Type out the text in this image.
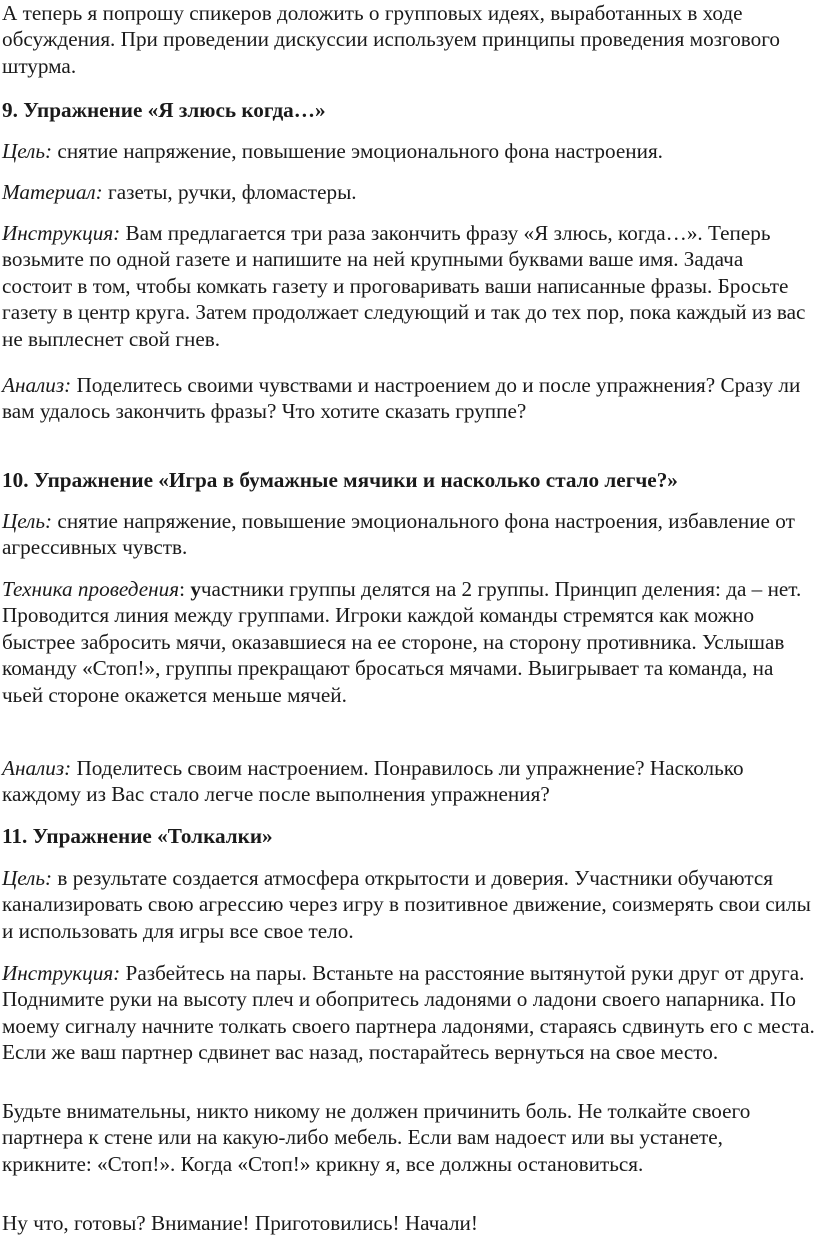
А теперь я попрошу спикеров доложить о групповых идеях, выработанных в ходе обсуждения. При проведении дискуссии используем принципы проведения мозгового штурма.

9. Упражнение «Я злюсь когда…»

Цель: снятие напряжение, повышение эмоционального фона настроения.

Материал: газеты, ручки, фломастеры.

Инструкция: Вам предлагается три раза закончить фразу «Я злюсь, когда…». Теперь возьмите по одной газете и напишите на ней крупными буквами ваше имя. Задача состоит в том, чтобы комкать газету и проговаривать ваши написанные фразы. Бросьте газету в центр круга. Затем продолжает следующий и так до тех пор, пока каждый из вас не выплеснет свой гнев.

Анализ: Поделитесь своими чувствами и настроением до и после упражнения? Сразу ли вам удалось закончить фразы? Что хотите сказать группе?

10. Упражнение «Игра в бумажные мячики и насколько стало легче?»

Цель: снятие напряжение, повышение эмоционального фона настроения, избавление от агрессивных чувств.

Техника проведения: участники группы делятся на 2 группы. Принцип деления: да – нет. Проводится линия между группами. Игроки каждой команды стремятся как можно быстрее забросить мячи, оказавшиеся на ее стороне, на сторону противника. Услышав команду «Стоп!», группы прекращают бросаться мячами. Выигрывает та команда, на чьей стороне окажется меньше мячей.

Анализ: Поделитесь своим настроением. Понравилось ли упражнение? Насколько каждому из Вас стало легче после выполнения упражнения?

11. Упражнение «Толкалки»

Цель: в результате создается атмосфера открытости и доверия. Участники обучаются канализировать свою агрессию через игру в позитивное движение, соизмерять свои силы и использовать для игры все свое тело.

Инструкция: Разбейтесь на пары. Встаньте на расстояние вытянутой руки друг от друга. Поднимите руки на высоту плеч и обопритесь ладонями о ладони своего напарника. По моему сигналу начните толкать своего партнера ладонями, стараясь сдвинуть его с места. Если же ваш партнер сдвинет вас назад, постарайтесь вернуться на свое место.

Будьте внимательны, никто никому не должен причинить боль. Не толкайте своего партнера к стене или на какую-либо мебель. Если вам надоест или вы устанете, крикните: «Стоп!». Когда «Стоп!» крикну я, все должны остановиться.

Ну что, готовы? Внимание! Приготовились! Начали!
